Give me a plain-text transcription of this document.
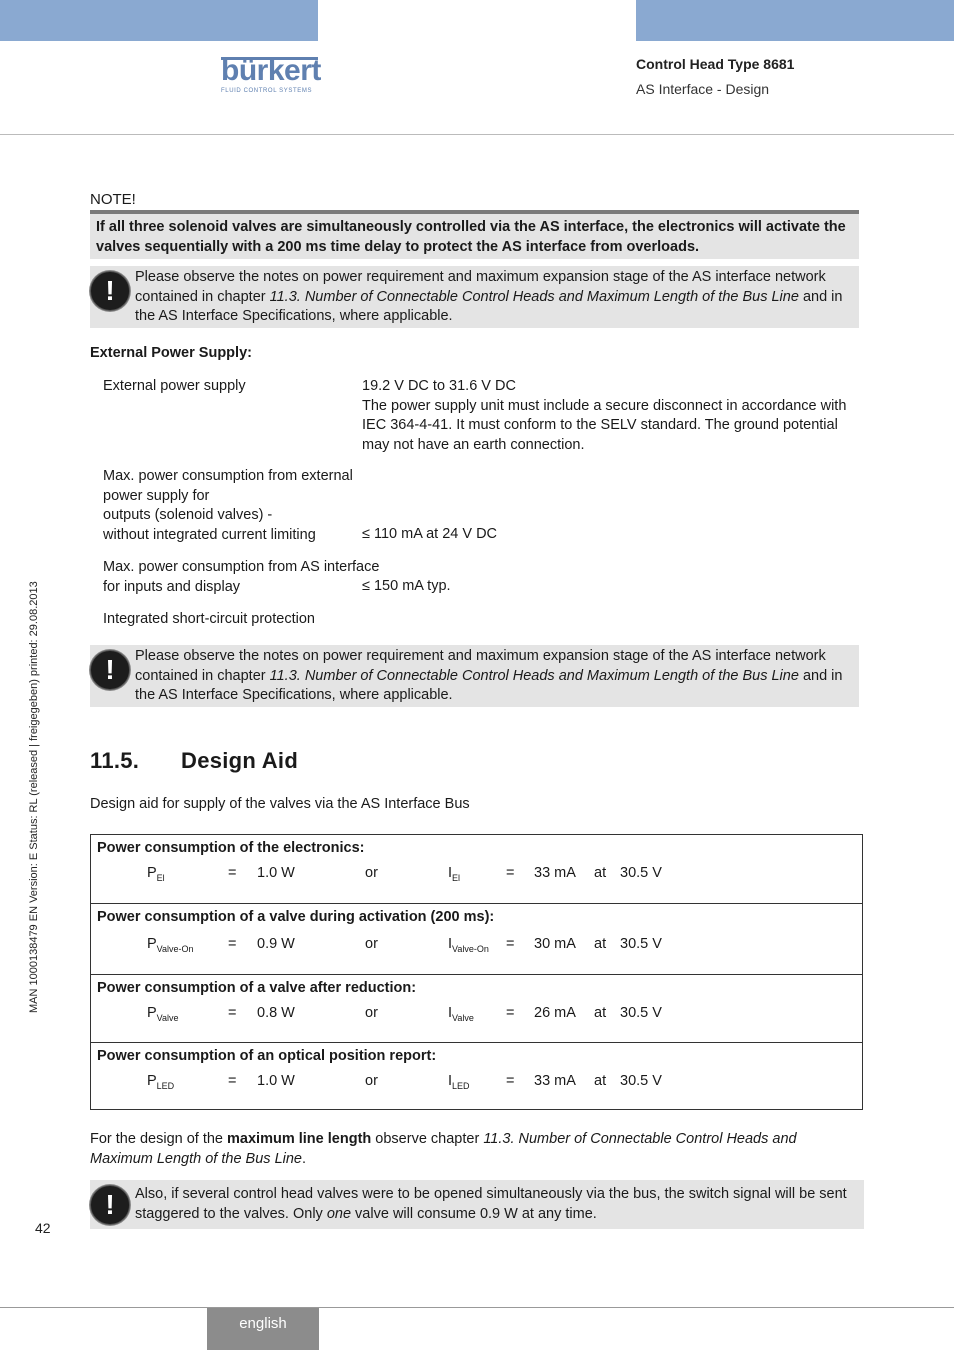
bürkert
FLUID CONTROL SYSTEMS
Control Head Type 8681
AS Interface - Design
MAN 1000138479 EN Version: E Status: RL (released | freigegeben) printed: 29.08.2013
42
NOTE!
If all three solenoid valves are simultaneously controlled via the AS interface, the electronics will activate the valves sequentially with a 200 ms time delay to protect the AS interface from overloads.
!	Please observe the notes on power requirement and maximum expansion stage of the AS interface network contained in chapter 11.3. Number of Connectable Control Heads and Maximum Length of the Bus Line and in the AS Interface Specifications, where applicable.
External Power Supply:
External power supply	19.2 V DC to 31.6 V DC
The power supply unit must include a secure disconnect in accordance with IEC 364-4-41. It must conform to the SELV standard. The ground potential may not have an earth connection.
Max. power consumption from external
power supply for
outputs (solenoid valves) -
without integrated current limiting	≤ 110 mA at 24 V DC
Max. power consumption from AS interface
for inputs and display	≤ 150 mA typ.
Integrated short-circuit protection
!	Please observe the notes on power requirement and maximum expansion stage of the AS interface network contained in chapter 11.3. Number of Connectable Control Heads and Maximum Length of the Bus Line and in the AS Interface Specifications, where applicable.
11.5. Design Aid
Design aid for supply of the valves via the AS Interface Bus
Power consumption of the electronics:
$P_{El}$	= 1.0 W	or	$I_{El}$	= 33 mA at 30.5 V

Power consumption of a valve during activation (200 ms):
$P_{Valve-On} = 0.9$ W	or	$I_{Valve-On} = 30$ mA at 30.5 V

Power consumption of a valve after reduction:
$P_{Valve}$	= 0.8 W	or	$I_{Valve} = 26$ mA at 30.5 V

Power consumption of an optical position report:
$P_{LED}$	= 1.0 W	or	$I_{LED}$	= 33 mA at 30.5 V
For the design of the maximum line length observe chapter 11.3. Number of Connectable Control Heads and Maximum Length of the Bus Line.
!	Also, if several control head valves were to be opened simultaneously via the bus, the switch signal will be sent staggered to the valves. Only one valve will consume 0.9 W at any time.
english
